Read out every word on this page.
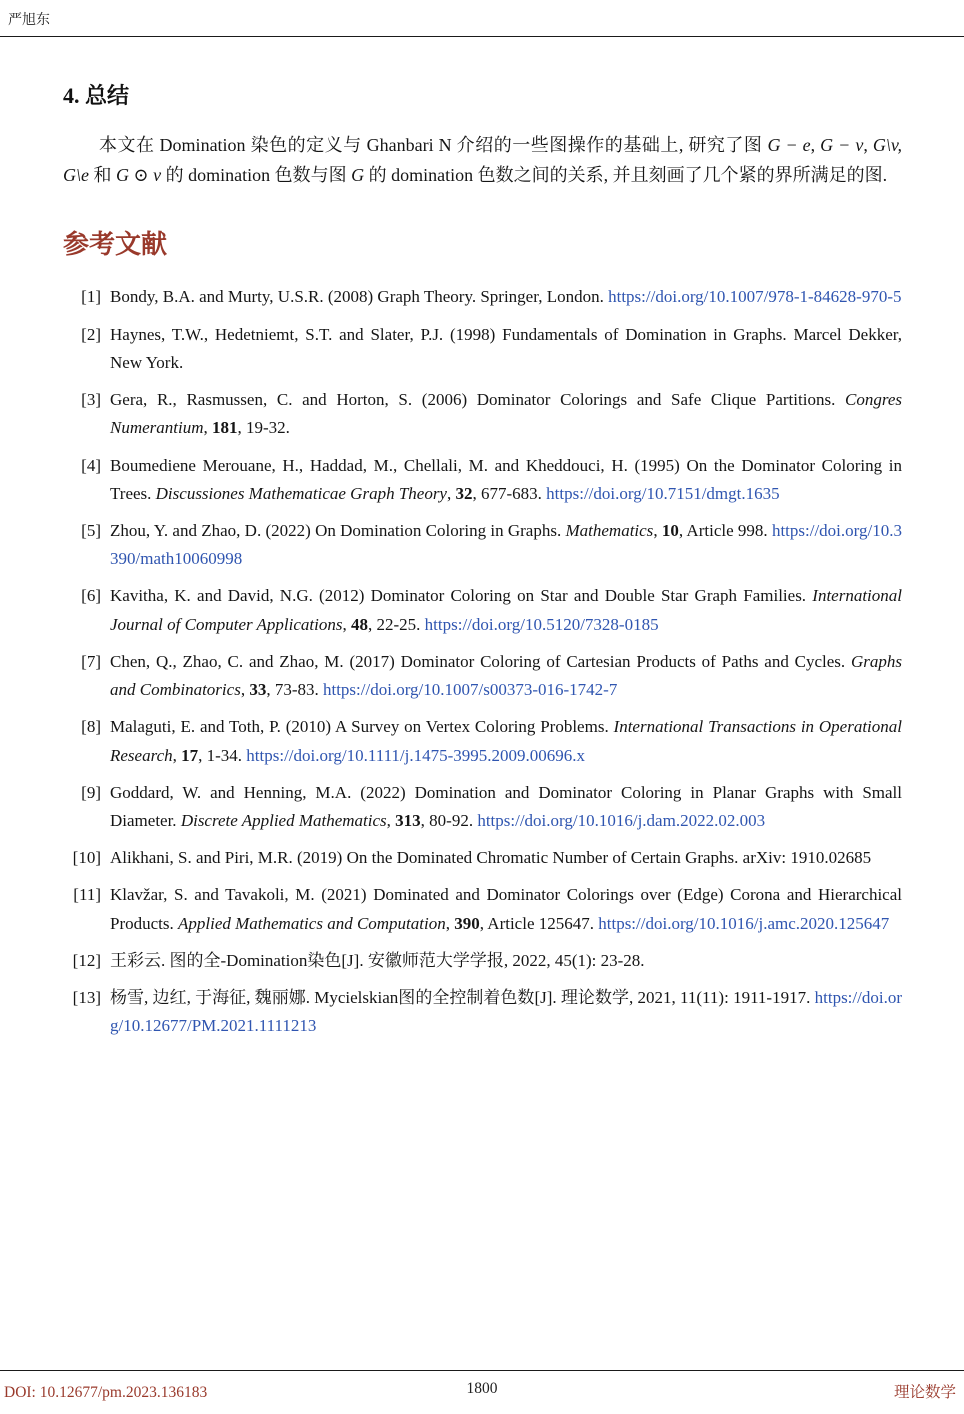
严旭东
4. 总结

本文在 Domination 染色的定义与 Ghanbari N 介绍的一些图操作的基础上, 研究了图 G − e, G − v, G\v, G\e 和 G ⊙ v 的 domination 色数与图 G 的 domination 色数之间的关系, 并且刻画了几个紧的界所满足的图.

参考文献
[1] Bondy, B.A. and Murty, U.S.R. (2008) Graph Theory. Springer, London. https://doi.org/10.1007/978-1-84628-970-5
[2] Haynes, T.W., Hedetniemt, S.T. and Slater, P.J. (1998) Fundamentals of Domination in Graphs. Marcel Dekker, New York.
[3] Gera, R., Rasmussen, C. and Horton, S. (2006) Dominator Colorings and Safe Clique Partitions. Congres Numerantium, 181, 19-32.
[4] Boumediene Merouane, H., Haddad, M., Chellali, M. and Kheddouci, H. (1995) On the Dominator Coloring in Trees. Discussiones Mathematicae Graph Theory, 32, 677-683. https://doi.org/10.7151/dmgt.1635
[5] Zhou, Y. and Zhao, D. (2022) On Domination Coloring in Graphs. Mathematics, 10, Article 998. https://doi.org/10.3390/math10060998
[6] Kavitha, K. and David, N.G. (2012) Dominator Coloring on Star and Double Star Graph Families. International Journal of Computer Applications, 48, 22-25. https://doi.org/10.5120/7328-0185
[7] Chen, Q., Zhao, C. and Zhao, M. (2017) Dominator Coloring of Cartesian Products of Paths and Cycles. Graphs and Combinatorics, 33, 73-83. https://doi.org/10.1007/s00373-016-1742-7
[8] Malaguti, E. and Toth, P. (2010) A Survey on Vertex Coloring Problems. International Transactions in Operational Research, 17, 1-34. https://doi.org/10.1111/j.1475-3995.2009.00696.x
[9] Goddard, W. and Henning, M.A. (2022) Domination and Dominator Coloring in Planar Graphs with Small Diameter. Discrete Applied Mathematics, 313, 80-92. https://doi.org/10.1016/j.dam.2022.02.003
[10] Alikhani, S. and Piri, M.R. (2019) On the Dominated Chromatic Number of Certain Graphs. arXiv: 1910.02685
[11] Klavžar, S. and Tavakoli, M. (2021) Dominated and Dominator Colorings over (Edge) Corona and Hierarchical Products. Applied Mathematics and Computation, 390, Article 125647. https://doi.org/10.1016/j.amc.2020.125647
[12] 王彩云. 图的全-Domination染色[J]. 安徽师范大学学报, 2022, 45(1): 23-28.
[13] 杨雪, 边红, 于海征, 魏丽娜. Mycielskian图的全控制着色数[J]. 理论数学, 2021, 11(11): 1911-1917. https://doi.org/10.12677/PM.2021.1111213
DOI: 10.12677/pm.2023.136183	1800	理论数学
